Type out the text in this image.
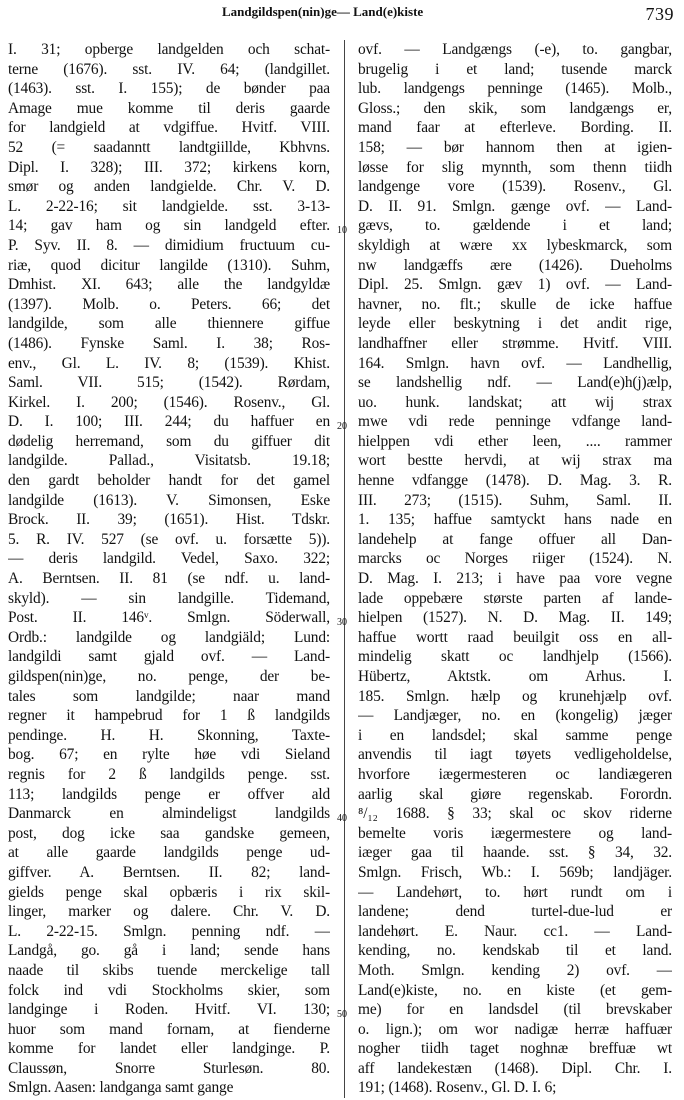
Landgildspen(nin)ge— Land(e)kiste	739
I. 31; opberge landgelden och schat-
terne (1676). sst. IV. 64; (landgillet.
(1463). sst. I. 155); de bønder paa
Amage mue komme til deris gaarde
for landgield at vdgiffue. Hvitf. VIII.
52 (= saadanntt landtgiillde, Kbhvns.
Dipl. I. 328); III. 372; kirkens korn,
smør og anden landgielde. Chr. V. D.
L. 2-22-16; sit landgielde. sst. 3-13-
14; gav ham og sin landgeld efter.
P. Syv. II. 8. — dimidium fructuum cu-
riæ, quod dicitur langilde (1310). Suhm,
Dmhist. XI. 643; alle the landgyldæ
(1397). Molb. o. Peters. 66; det
landgilde, som alle thiennere giffue
(1486). Fynske Saml. I. 38; Ros-
env., Gl. L. IV. 8; (1539). Khist.
Saml. VII. 515; (1542). Rørdam,
Kirkel. I. 200; (1546). Rosenv., Gl.
D. I. 100; III. 244; du haffuer en
dødelig herremand, som du giffuer dit
landgilde. Pallad., Visitatsb. 19.18;
den gardt beholder handt for det gamel
landgilde (1613). V. Simonsen, Eske
Brock. II. 39; (1651). Hist. Tdskr.
5. R. IV. 527 (se ovf. u. forsætte 5)).
— deris landgild. Vedel, Saxo. 322;
A. Berntsen. II. 81 (se ndf. u. land-
skyld). — sin landgille. Tidemand,
Post. II. 146ᵛ. Smlgn. Söderwall,
Ordb.: landgilde og landgiäld; Lund:
landgildi samt gjald ovf. — Land-
gildspen(nin)ge, no. penge, der be-
tales som landgilde; naar mand
regner it hampebrud for 1 ß landgilds
pendinge. H. H. Skonning, Taxte-
bog. 67; en rylte høe vdi Sieland
regnis for 2 ß landgilds penge. sst.
113; landgilds penge er offver ald
Danmarck en almindeligst landgilds
post, dog icke saa gandske gemeen,
at alle gaarde landgilds penge ud-
giffver. A. Berntsen. II. 82; land-
gields penge skal opbæris i rix skil-
linger, marker og dalere. Chr. V. D.
L. 2-22-15. Smlgn. penning ndf. —
Landgå, go. gå i land; sende hans
naade til skibs tuende merckelige tall
folck ind vdi Stockholms skier, som
landginge i Roden. Hvitf. VI. 130;
huor som mand fornam, at fienderne
komme for landet eller landginge. P.
Claussøn, Snorre Sturlesøn. 80.
Smlgn. Aasen: landganga samt gange
10
20
30
40
50
ovf. — Landgængs (-e), to. gangbar,
brugelig i et land; tusende marck
lub. landgengs penninge (1465). Molb.,
Gloss.; den skik, som landgængs er,
mand faar at efterleve. Bording. II.
158; — bør hannom then at igien-
løsse for slig mynnth, som thenn tiidh
landgenge vore (1539). Rosenv., Gl.
D. II. 91. Smlgn. gænge ovf. — Land-
gævs, to. gældende i et land;
skyldigh at wære xx lybeskmarck, som
nw landgæffs ære (1426). Dueholms
Dipl. 25. Smlgn. gæv 1) ovf. — Land-
havner, no. flt.; skulle de icke haffue
leyde eller beskytning i det andit rige,
landhaffner eller strømme. Hvitf. VIII.
164. Smlgn. havn ovf. — Landhellig,
se landshellig ndf. — Land(e)h(j)ælp,
uo. hunk. landskat; att wij strax
mwe vdi rede penninge vdfange land-
hielppen vdi ether leen, .... rammer
wort bestte hervdi, at wij strax ma
henne vdfangge (1478). D. Mag. 3. R.
III. 273; (1515). Suhm, Saml. II.
1. 135; haffue samtyckt hans nade en
landehelp at fange offuer all Dan-
marcks oc Norges riiger (1524). N.
D. Mag. I. 213; i have paa vore vegne
lade oppebære største parten af lande-
hielpen (1527). N. D. Mag. II. 149;
haffue wortt raad beuilgit oss en all-
mindelig skatt oc landhjelp (1566).
Hübertz, Aktstk. om Arhus. I.
185. Smlgn. hælp og krunehjælp ovf.
— Landjæger, no. en (kongelig) jæger
i en landsdel; skal samme penge
anvendis til iagt tøyets vedligeholdelse,
hvorfore iægermesteren oc landiægeren
aarlig skal giøre regenskab. Forordn.
⁸/₁₂ 1688. § 33; skal oc skov riderne
bemelte voris iægermestere og land-
iæger gaa til haande. sst. § 34, 32.
Smlgn. Frisch, Wb.: I. 569b; landjäger.
— Landehørt, to. hørt rundt om i
landene; dend turtel-due-lud er
landehørt. E. Naur. cc1. — Land-
kending, no. kendskab til et land.
Moth. Smlgn. kending 2) ovf. —
Land(e)kiste, no. en kiste (et gem-
me) for en landsdel (til brevskaber
o. lign.); om wor nadigæ herræ haffuær
nogher tiidh taget noghnæ breffuæ wt
aff landekestæn (1468). Dipl. Chr. I.
191; (1468). Rosenv., Gl. D. I. 6;
